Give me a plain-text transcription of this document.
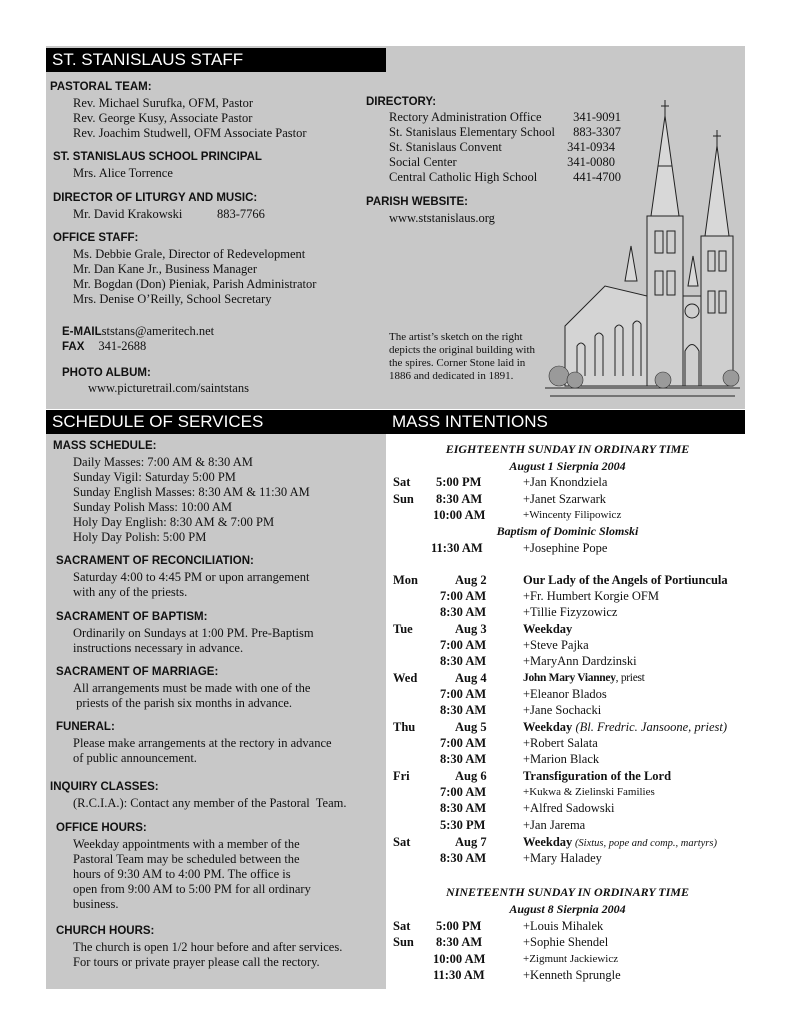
ST. STANISLAUS STAFF
SCHEDULE OF SERVICES	MASS INTENTIONS
PASTORAL TEAM:
Rev. Michael Surufka, OFM, Pastor
Rev. George Kusy, Associate Pastor
Rev. Joachim Studwell, OFM Associate Pastor
ST. STANISLAUS SCHOOL PRINCIPAL
Mrs. Alice Torrence
DIRECTOR OF LITURGY AND MUSIC:
Mr. David Krakowski	883-7766
OFFICE STAFF:
Ms. Debbie Grale, Director of Redevelopment
Mr. Dan Kane Jr., Business Manager
Mr. Bogdan (Don) Pieniak, Parish Administrator
Mrs. Denise O’Reilly, School Secretary
E-MAILststans@ameritech.net
FAX 341-2688
PHOTO ALBUM:
www.picturetrail.com/saintstans
DIRECTORY:
Rectory Administration Office	341-9091
St. Stanislaus Elementary School 883-3307
St. Stanislaus Convent	341-0934
Social Center	341-0080
Central Catholic High School	441-4700
PARISH WEBSITE:
www.ststanislaus.org
The artist’s sketch on the right depicts the original building with the spires. Corner Stone laid in 1886 and dedicated in 1891.
MASS SCHEDULE:
Daily Masses: 7:00 AM & 8:30 AM
Sunday Vigil: Saturday 5:00 PM
Sunday English Masses: 8:30 AM & 11:30 AM
Sunday Polish Mass: 10:00 AM
Holy Day English: 8:30 AM & 7:00 PM
Holy Day Polish: 5:00 PM
SACRAMENT OF RECONCILIATION:
Saturday 4:00 to 4:45 PM or upon arrangement
with any of the priests.
SACRAMENT OF BAPTISM:
Ordinarily on Sundays at 1:00 PM. Pre-Baptism
instructions necessary in advance.
SACRAMENT OF MARRIAGE:
All arrangements must be made with one of the
priests of the parish six months in advance.
FUNERAL:
Please make arrangements at the rectory in advance
of public announcement.
INQUIRY CLASSES:
(R.C.I.A.): Contact any member of the Pastoral  Team.
OFFICE HOURS:
Weekday appointments with a member of the
Pastoral Team may be scheduled between the
hours of 9:30 AM to 4:00 PM. The office is
open from 9:00 AM to 5:00 PM for all ordinary
business.
CHURCH HOURS:
The church is open 1/2 hour before and after services.
For tours or private prayer please call the rectory.
EIGHTEENTH SUNDAY IN ORDINARY TIME
August 1 Sierpnia 2004
Sat 5:00 PM	+Jan Knondziela
Sun 8:30 AM	+Janet Szarwark
10:00 AM	+Wincenty Filipowicz
Baptism of Dominic Slomski
11:30 AM	+Josephine Pope
Mon	Aug 2	Our Lady of the Angels of Portiuncula
7:00 AM	+Fr. Humbert Korgie OFM
8:30 AM	+Tillie Fizyzowicz
Tue	Aug 3	Weekday
7:00 AM	+Steve Pajka
8:30 AM	+MaryAnn Dardzinski
Wed	Aug 4	John Mary Vianney, priest
7:00 AM	+Eleanor Blados
8:30 AM	+Jane Sochacki
Thu	Aug 5	Weekday (Bl. Fredric. Jansoone, priest)
7:00 AM	+Robert Salata
8:30 AM	+Marion Black
Fri	Aug 6	Transfiguration of the Lord
7:00 AM	+Kukwa & Zielinski Families
8:30 AM	+Alfred Sadowski
5:30 PM	+Jan Jarema
Sat	Aug 7	Weekday (Sixtus, pope and comp., martyrs)
8:30 AM	+Mary Haladey
NINETEENTH SUNDAY IN ORDINARY TIME
August 8 Sierpnia 2004
Sat 5:00 PM	+Louis Mihalek
Sun 8:30 AM	+Sophie Shendel
10:00 AM	+Zigmunt Jackiewicz
11:30 AM	+Kenneth Sprungle
